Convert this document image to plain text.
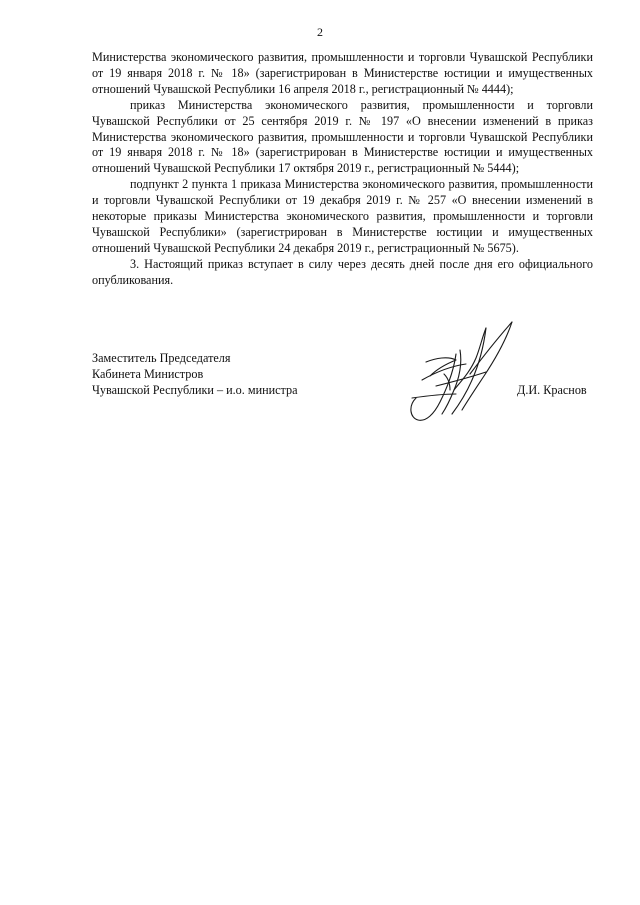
2

Министерства экономического развития, промышленности и торговли Чувашской Республики от 19 января 2018 г. № 18» (зарегистрирован в Министерстве юстиции и имущественных отношений Чувашской Республики 16 апреля 2018 г., регистрационный № 4444);

приказ Министерства экономического развития, промышленности и торговли Чувашской Республики от 25 сентября 2019 г. № 197 «О внесении изменений в приказ Министерства экономического развития, промышленности и торговли Чувашской Республики от 19 января 2018 г. № 18» (зарегистрирован в Министерстве юстиции и имущественных отношений Чувашской Республики 17 октября 2019 г., регистрационный № 5444);

подпункт 2 пункта 1 приказа Министерства экономического развития, промышленности и торговли Чувашской Республики от 19 декабря 2019 г. № 257 «О внесении изменений в некоторые приказы Министерства экономического развития, промышленности и торговли Чувашской Республики» (зарегистрирован в Министерстве юстиции и имущественных отношений Чувашской Республики 24 декабря 2019 г., регистрационный № 5675).

3. Настоящий приказ вступает в силу через десять дней после дня его официального опубликования.

Заместитель Председателя
Кабинета Министров
Чувашской Республики – и.о. министра	Д.И. Краснов
